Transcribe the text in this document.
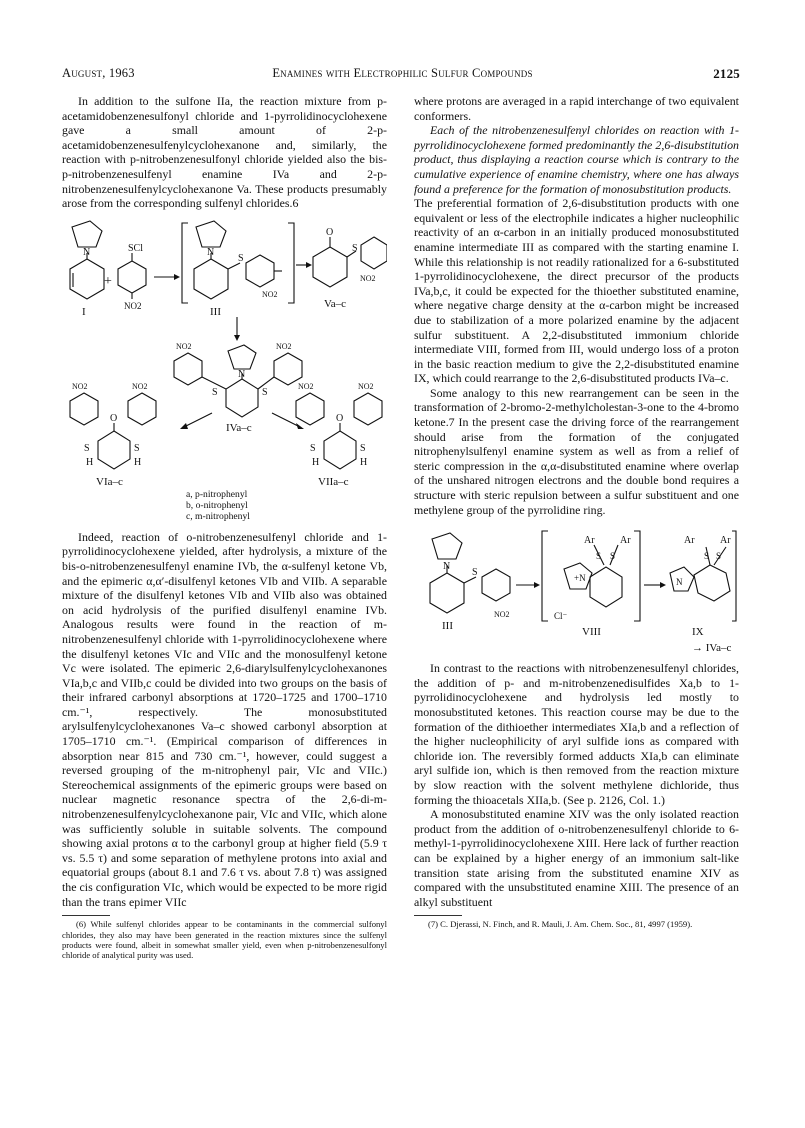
August, 1963	Enamines with Electrophilic Sulfur Compounds	2125

In addition to the sulfone IIa, the reaction mixture from p-acetamidobenzenesulfonyl chloride and 1-pyrrolidinocyclohexene gave a small amount of 2-p-acetamidobenzenesulfenylcyclohexanone and, similarly, the reaction with p-nitrobenzenesulfonyl chloride yielded also the bis-p-nitrobenzenesulfenyl enamine IVa and 2-p-nitrobenzenesulfenylcyclohexanone Va. These products presumably arose from the corresponding sulfenyl chlorides.6

N
I
+
SCl
NO2
N
S
NO2
III
O
S
NO2
Va–c
NO2	NO2
N
S	S
IVa–c
NO2	NO2
O
S	S
H	H
VIa–c
NO2	NO2
O
S	S
H	H
VIIa–c
a, p-nitrophenyl
b, o-nitrophenyl
c, m-nitrophenyl

Indeed, reaction of o-nitrobenzenesulfenyl chloride and 1-pyrrolidinocyclohexene yielded, after hydrolysis, a mixture of the bis-o-nitrobenzenesulfenyl enamine IVb, the α-sulfenyl ketone Vb, and the epimeric α,α′-disulfenyl ketones VIb and VIIb. A separable mixture of the disulfenyl ketones VIb and VIIb also was obtained on acid hydrolysis of the purified disulfenyl enamine IVb. Analogous results were found in the reaction of m-nitrobenzenesulfenyl chloride with 1-pyrrolidinocyclohexene where the disulfenyl ketones VIc and VIIc and the monosulfenyl ketone Vc were isolated. The epimeric 2,6-diarylsulfenylcyclohexanones VIa,b,c and VIIb,c could be divided into two groups on the basis of their infrared carbonyl absorptions at 1720–1725 and 1700–1710 cm.⁻¹, respectively. The monosubstituted arylsulfenylcyclohexanones Va–c showed carbonyl absorption at 1705–1710 cm.⁻¹. (Empirical comparison of differences in absorption near 815 and 730 cm.⁻¹, however, could suggest a reversed grouping of the m-nitrophenyl pair, VIc and VIIc.) Stereochemical assignments of the epimeric groups were based on nuclear magnetic resonance spectra of the 2,6-di-m-nitrobenzenesulfenylcyclohexanone pair, VIc and VIIc, which alone was sufficiently soluble in suitable solvents. The compound showing axial protons α to the carbonyl group at higher field (5.9 τ vs. 5.5 τ) and some separation of methylene protons into axial and equatorial groups (about 8.1 and 7.6 τ vs. about 7.8 τ) was assigned the cis configuration VIc, which would be expected to be more rigid than the trans epimer VIIc

(6) While sulfenyl chlorides appear to be contaminants in the commercial sulfonyl chlorides, they also may have been generated in the reaction mixtures since the sulfenyl products were found, albeit in somewhat smaller yield, even when p-nitrobenzenesulfonyl chloride of analytical purity was used.

where protons are averaged in a rapid interchange of two equivalent conformers.

Each of the nitrobenzenesulfenyl chlorides on reaction with 1-pyrrolidinocyclohexene formed predominantly the 2,6-disubstitution product, thus displaying a reaction course which is contrary to the cumulative experience of enamine chemistry, where one has always found a preference for the formation of monosubstitution products.

The preferential formation of 2,6-disubstitution products with one equivalent or less of the electrophile indicates a higher nucleophilic reactivity of an α-carbon in an initially produced monosubstituted enamine intermediate III as compared with the starting enamine I. While this relationship is not readily rationalized for a 6-substituted 1-pyrrolidinocyclohexene, the direct precursor of the products IVa,b,c, it could be expected for the thioether substituted enamine, where negative charge density at the α-carbon might be increased due to stabilization of a more polarized enamine by the adjacent sulfur substituent. A 2,2-disubstituted immonium chloride intermediate VIII, formed from III, would undergo loss of a proton in the basic reaction medium to give the 2,2-disubstituted enamine IX, which could rearrange to the 2,6-disubstituted products IVa–c.

Some analogy to this new rearrangement can be seen in the transformation of 2-bromo-2-methylcholestan-3-one to the 4-bromo ketone.7 In the present case the driving force of the rearrangement should arise from the formation of the conjugated nitrophenylsulfenyl enamine system as well as from a relief of steric compression in the α,α-disubstituted enamine where overlap of the unshared nitrogen electrons and the double bond requires a structure with steric repulsion between a sulfur substituent and one methylene group of the pyrrolidine ring.

N
S
NO2
III
Ar	Ar
S S
+N
Cl⁻
VIII
Ar	Ar
S S
N
IX
→ IVa–c

In contrast to the reactions with nitrobenzenesulfenyl chlorides, the addition of p- and m-nitrobenzenedisulfides Xa,b to 1-pyrrolidinocyclohexene and hydrolysis led mostly to monosubstituted ketones. This reaction course may be due to the formation of the dithioether intermediates XIa,b and a reflection of the higher nucleophilicity of aryl sulfide ions as compared with chloride ion. The reversibly formed adducts XIa,b can eliminate aryl sulfide ion, which is then removed from the reaction mixture by slow reaction with the solvent methylene dichloride, thus forming the thioacetals XIIa,b. (See p. 2126, Col. 1.)

A monosubstituted enamine XIV was the only isolated reaction product from the addition of o-nitrobenzenesulfenyl chloride to 6-methyl-1-pyrrolidinocyclohexene XIII. Here lack of further reaction can be explained by a higher energy of an immonium salt-like transition state arising from the substituted enamine XIV as compared with the unsubstituted enamine XIII. The presence of an alkyl substituent

(7) C. Djerassi, N. Finch, and R. Mauli, J. Am. Chem. Soc., 81, 4997 (1959).
